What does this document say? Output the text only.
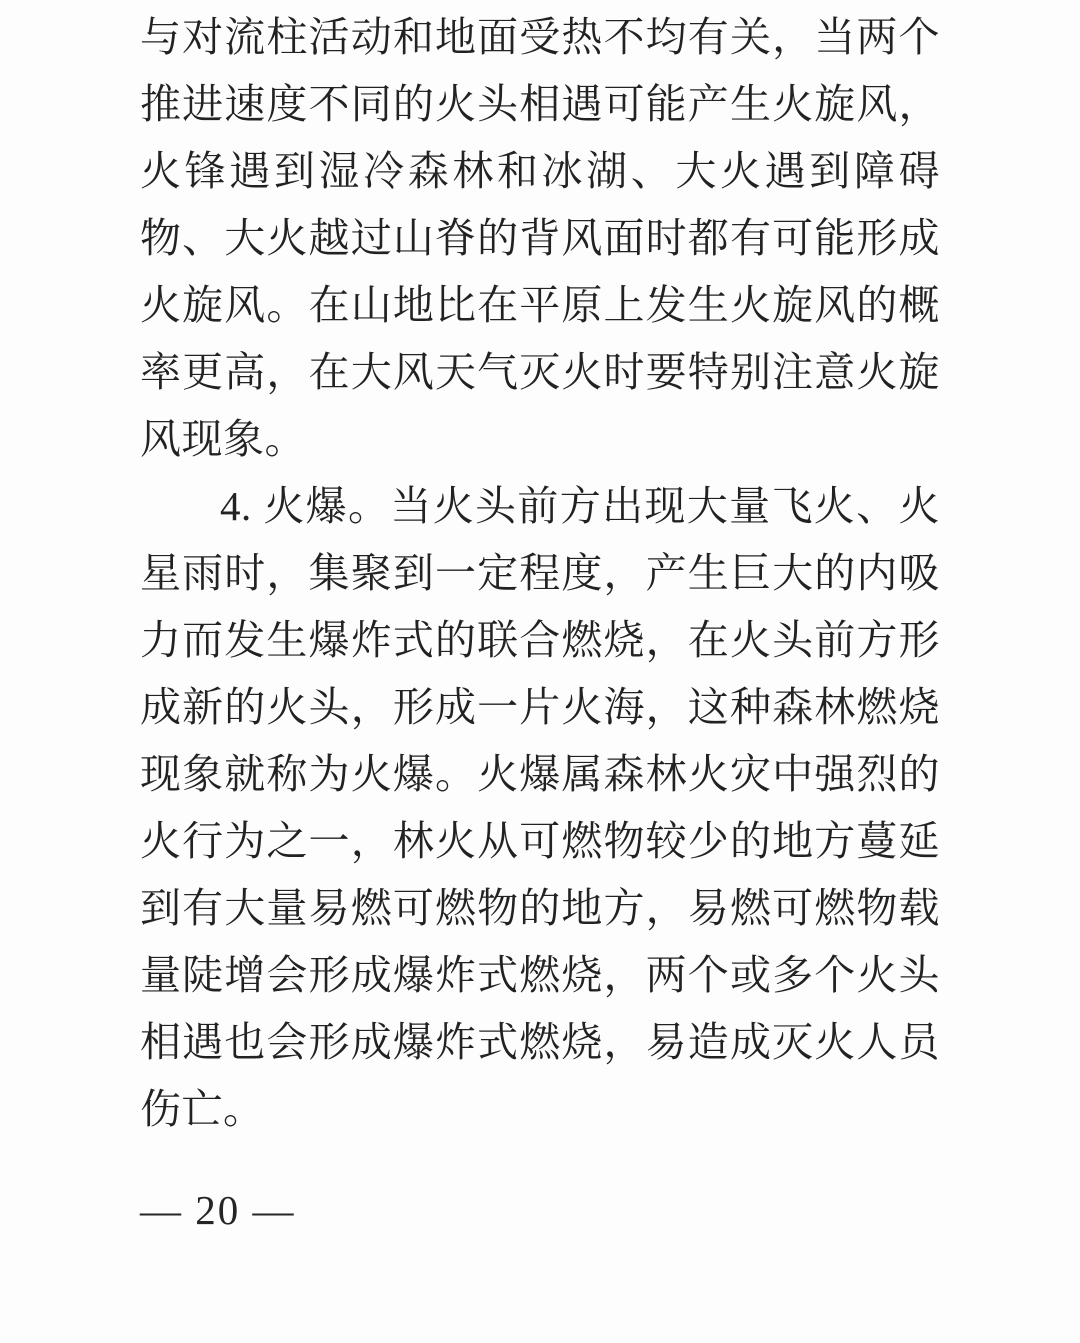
与对流柱活动和地面受热不均有关，当两个
推进速度不同的火头相遇可能产生火旋风，
火锋遇到湿冷森林和冰湖、大火遇到障碍
物、大火越过山脊的背风面时都有可能形成
火旋风。在山地比在平原上发生火旋风的概
率更高，在大风天气灭火时要特别注意火旋
风现象。
4. 火爆。当火头前方出现大量飞火、火
星雨时，集聚到一定程度，产生巨大的内吸
力而发生爆炸式的联合燃烧，在火头前方形
成新的火头，形成一片火海，这种森林燃烧
现象就称为火爆。火爆属森林火灾中强烈的
火行为之一，林火从可燃物较少的地方蔓延
到有大量易燃可燃物的地方，易燃可燃物载
量陡增会形成爆炸式燃烧，两个或多个火头
相遇也会形成爆炸式燃烧，易造成灭火人员
伤亡。
— 20 —
